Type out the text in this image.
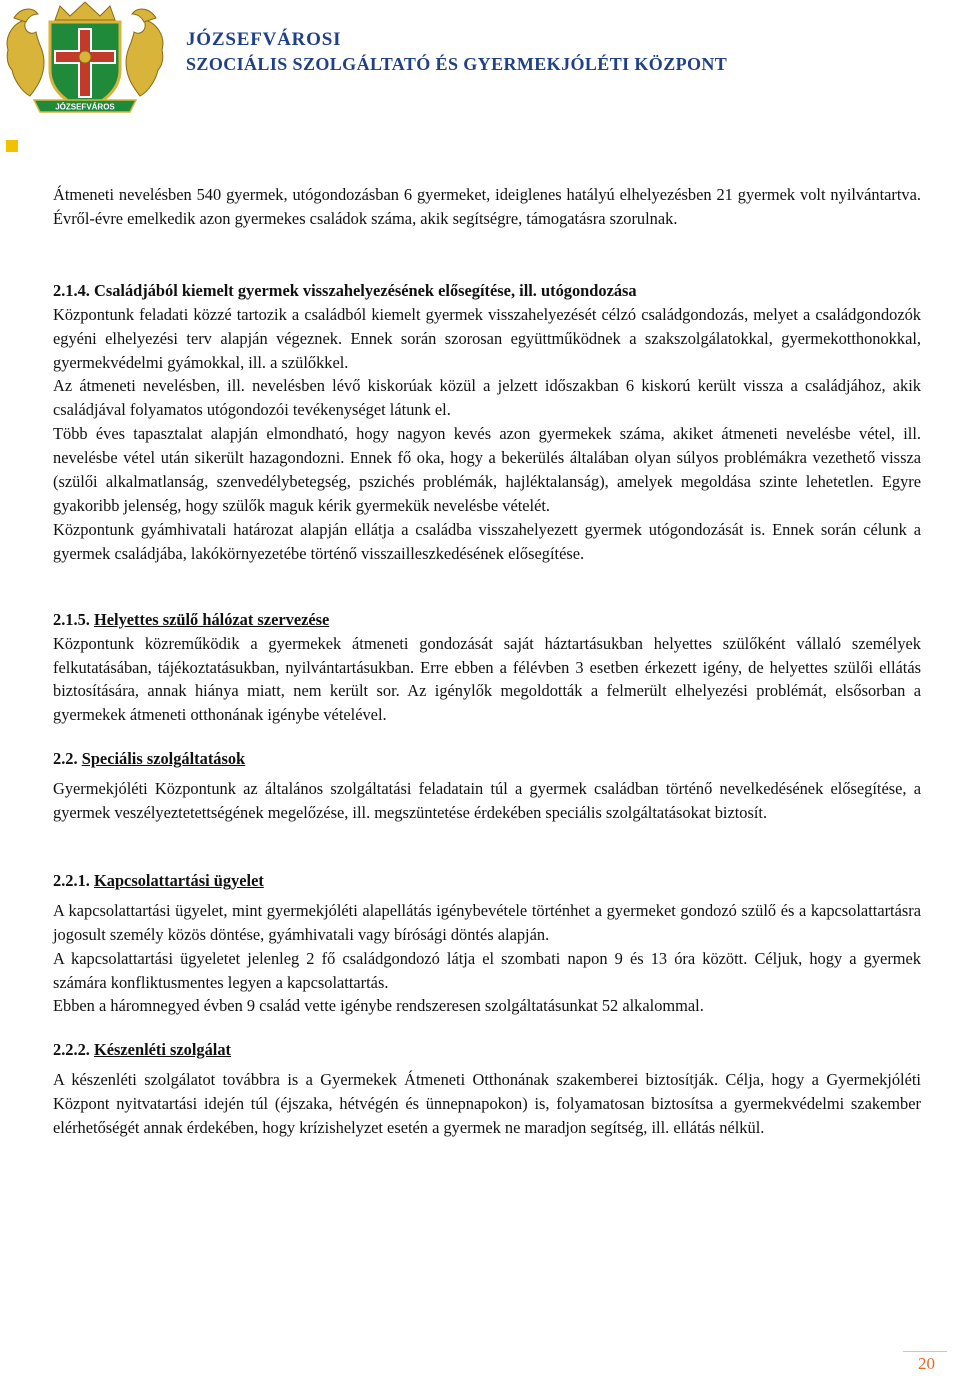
JÓZSEFVÁROS
JÓZSEFVÁROSI
SZOCIÁLIS SZOLGÁLTATÓ ÉS GYERMEKJÓLÉTI KÖZPONT

Átmeneti nevelésben 540 gyermek, utógondozásban 6 gyermeket, ideiglenes hatályú elhelyezésben 21 gyermek volt nyilvántartva. Évről-évre emelkedik azon gyermekes családok száma, akik segítségre, támogatásra szorulnak.

2.1.4. Családjából kiemelt gyermek visszahelyezésének elősegítése, ill. utógondozása

Központunk feladati közzé tartozik a családból kiemelt gyermek visszahelyezését célzó családgondozás, melyet a családgondozók egyéni elhelyezési terv alapján végeznek. Ennek során szorosan együttműködnek a szakszolgálatokkal, gyermekotthonokkal, gyermekvédelmi gyámokkal, ill. a szülőkkel.

Az átmeneti nevelésben, ill. nevelésben lévő kiskorúak közül a jelzett időszakban 6 kiskorú került vissza a családjához, akik családjával folyamatos utógondozói tevékenységet látunk el.

Több éves tapasztalat alapján elmondható, hogy nagyon kevés azon gyermekek száma, akiket átmeneti nevelésbe vétel, ill. nevelésbe vétel után sikerült hazagondozni. Ennek fő oka, hogy a bekerülés általában olyan súlyos problémákra vezethető vissza (szülői alkalmatlanság, szenvedélybetegség, pszichés problémák, hajléktalanság), amelyek megoldása szinte lehetetlen. Egyre gyakoribb jelenség, hogy szülők maguk kérik gyermekük nevelésbe vételét.

Központunk gyámhivatali határozat alapján ellátja a családba visszahelyezett gyermek utógondozását is. Ennek során célunk a gyermek családjába, lakókörnyezetébe történő visszailleszkedésének elősegítése.

2.1.5. Helyettes szülő hálózat szervezése

Központunk közreműködik a gyermekek átmeneti gondozását saját háztartásukban helyettes szülőként vállaló személyek felkutatásában, tájékoztatásukban, nyilvántartásukban. Erre ebben a félévben 3 esetben érkezett igény, de helyettes szülői ellátás biztosítására, annak hiánya miatt, nem került sor. Az igénylők megoldották a felmerült elhelyezési problémát, elsősorban a gyermekek átmeneti otthonának igénybe vételével.

2.2. Speciális szolgáltatások

Gyermekjóléti Központunk az általános szolgáltatási feladatain túl a gyermek családban történő nevelkedésének elősegítése, a gyermek veszélyeztetettségének megelőzése, ill. megszüntetése érdekében speciális szolgáltatásokat biztosít.

2.2.1. Kapcsolattartási ügyelet

A kapcsolattartási ügyelet, mint gyermekjóléti alapellátás igénybevétele történhet a gyermeket gondozó szülő és a kapcsolattartásra jogosult személy közös döntése, gyámhivatali vagy bírósági döntés alapján.

A kapcsolattartási ügyeletet jelenleg 2 fő családgondozó látja el szombati napon 9 és 13 óra között. Céljuk, hogy a gyermek számára konfliktusmentes legyen a kapcsolattartás.

Ebben a háromnegyed évben 9 család vette igénybe rendszeresen szolgáltatásunkat 52 alkalommal.

2.2.2. Készenléti szolgálat

A készenléti szolgálatot továbbra is a Gyermekek Átmeneti Otthonának szakemberei biztosítják. Célja, hogy a Gyermekjóléti Központ nyitvatartási idején túl (éjszaka, hétvégén és ünnepnapokon) is, folyamatosan biztosítsa a gyermekvédelmi szakember elérhetőségét annak érdekében, hogy krízishelyzet esetén a gyermek ne maradjon segítség, ill. ellátás nélkül.

20
